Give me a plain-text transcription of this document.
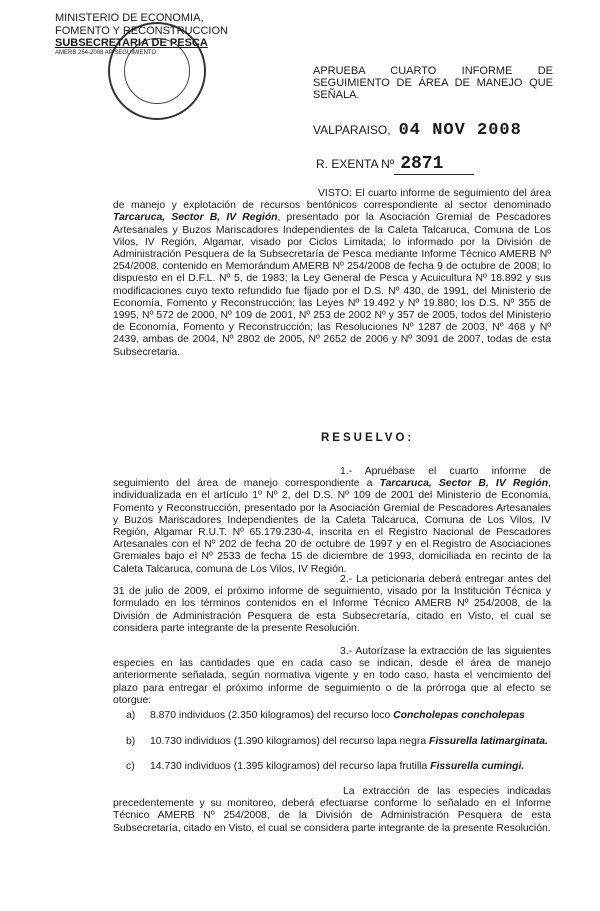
MINISTERIO DE ECONOMIA,
FOMENTO Y RECONSTRUCCION
SUBSECRETARIA DE PESCA
AMERB 254-2008 AP SEGUIMIENTO
APRUEBA CUARTO INFORME DE
SEGUIMIENTO DE ÁREA DE MANEJO QUE
SEÑALA.
VALPARAISO, 04 NOV 2008
R. EXENTA Nº 2871

VISTO: El cuarto informe de seguimiento del área de manejo y explotación de recursos bentónicos correspondiente al sector denominado Tarcaruca, Sector B, IV Región, presentado por la Asociación Gremial de Pescadores Artesanales y Buzos Mariscadores Independientes de la Caleta Talcaruca, Comuna de Los Vilos, IV Región, Algamar, visado por Ciclos Limitada; lo informado por la División de Administración Pesquera de la Subsecretaría de Pesca mediante Informe Técnico AMERB Nº 254/2008, contenido en Memorándum AMERB Nº 254/2008 de fecha 9 de octubre de 2008; lo dispuesto en el D.F.L. Nº 5, de 1983; la Ley General de Pesca y Acuicultura Nº 18.892 y sus modificaciones cuyo texto refundido fue fijado por el D.S. Nº 430, de 1991, del Ministerio de Economía, Fomento y Reconstrucción; las Leyes Nº 19.492 y Nº 19.880; los D.S. Nº 355 de 1995, Nº 572 de 2000, Nº 109 de 2001, Nº 253 de 2002 Nº y 357 de 2005, todos del Ministerio de Economía, Fomento y Reconstrucción; las Resoluciones Nº 1287 de 2003, Nº 468 y Nº 2439, ambas de 2004, Nº 2802 de 2005, Nº 2652 de 2006 y Nº 3091 de 2007, todas de esta Subsecretaria.

RESUELVO:

1.- Apruébase el cuarto informe de seguimiento del área de manejo correspondiente a Tarcaruca, Sector B, IV Región, individualizada en el artículo 1º Nº 2, del D.S. Nº 109 de 2001 del Ministerio de Economía, Fomento y Reconstrucción, presentado por la Asociación Gremial de Pescadores Artesanales y Buzos Mariscadores Independientes de la Caleta Talcaruca, Comuna de Los Vilos, IV Región, Algamar R.U.T. Nº 65.179.230-4, inscrita en el Registro Nacional de Pescadores Artesanales con el Nº 202 de fecha 20 de octubre de 1997 y en el Registro de Asociaciones Gremiales bajo el Nº 2533 de fecha 15 de diciembre de 1993, domiciliada en recinto de la Caleta Talcaruca, comuna de Los Vilos, IV Región.

2.- La peticionaria deberá entregar antes del 31 de julio de 2009, el próximo informe de seguimiento, visado por la Institución Técnica y formulado en los términos contenidos en el Informe Técnico AMERB Nº 254/2008, de la División de Administración Pesquera de esta Subsecretaría, citado en Visto, el cual se considera parte integrante de la presente Resolución.

3.- Autorízase la extracción de las siguientes especies en las cantidades que en cada caso se indican, desde el área de manejo anteriormente señalada, según normativa vigente y en todo caso, hasta el vencimiento del plazo para entregar el próximo informe de seguimiento o de la prórroga que al efecto se otorgue:

a) 8.870 individuos (2.350 kilogramos) del recurso loco Concholepas concholepas
b) 10.730 individuos (1.390 kilogramos) del recurso lapa negra Fissurella latimarginata.
c) 14.730 individuos (1.395 kilogramos) del recurso lapa frutilla Fissurella cumingi.

La extracción de las especies indicadas precedentemente y su monitoreo, deberá efectuarse conforme lo señalado en el Informe Técnico AMERB Nº 254/2008, de la División de Administración Pesquera de esta Subsecretaría, citado en Visto, el cual se considera parte integrante de la presente Resolución.
